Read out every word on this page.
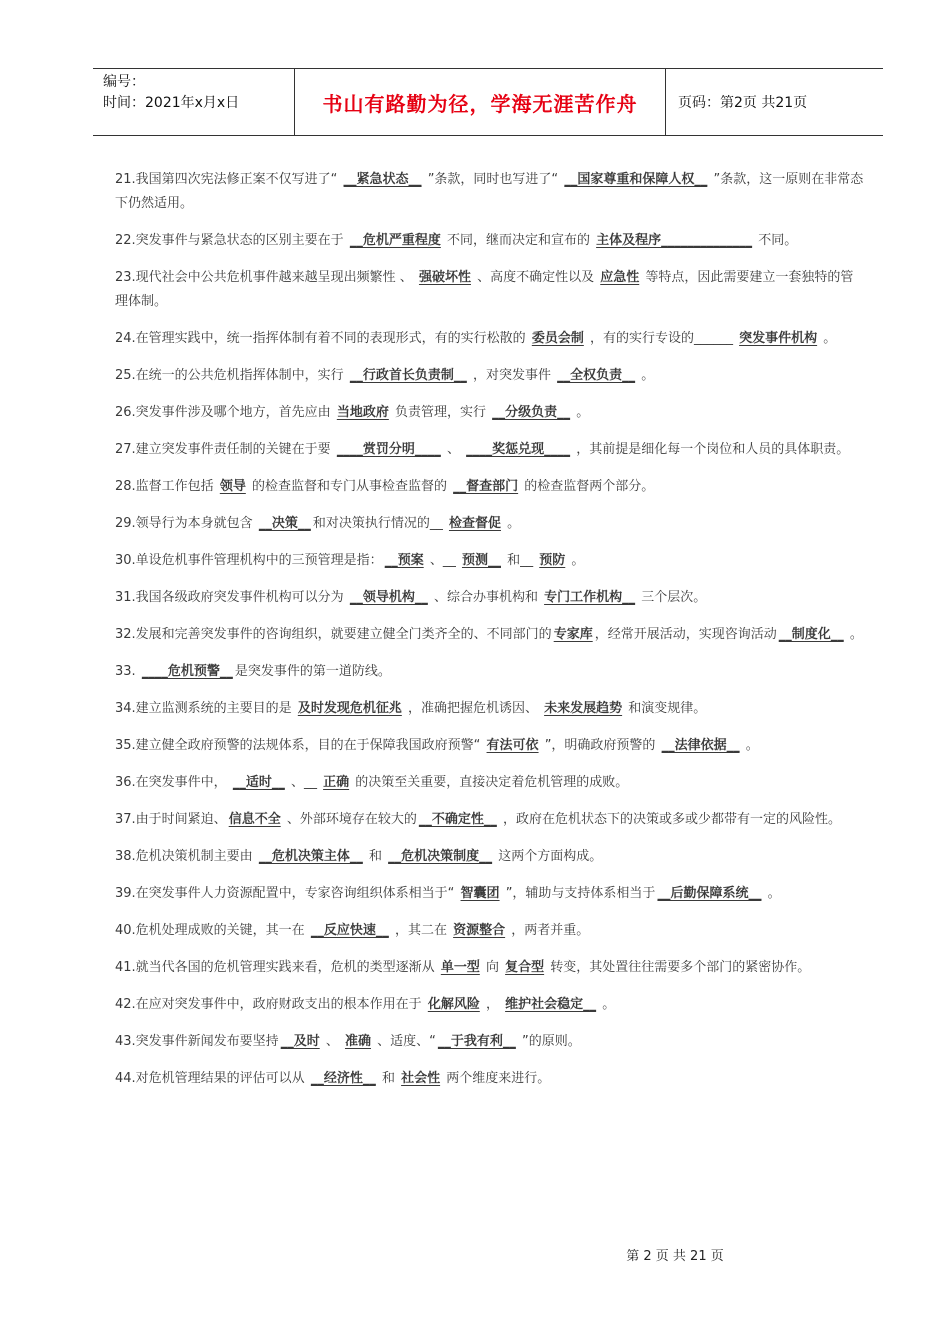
编号：
时间：2021年x月x日	书山有路勤为径，学海无涯苦作舟	页码：第2页 共21页

21.我国第四次宪法修正案不仅写进了“ __紧急状态__ ”条款，同时也写进了“ __国家尊重和保障人权__ ”条款，这一原则在非常态下仍然适用。

22.突发事件与紧急状态的区别主要在于 __危机严重程度 不同，继而决定和宣布的 主体及程序______________ 不同。

23.现代社会中公共危机事件越来越呈现出频繁性 、 强破坏性 、高度不确定性以及 应急性 等特点，因此需要建立一套独特的管理体制。

24.在管理实践中，统一指挥体制有着不同的表现形式，有的实行松散的 委员会制 ，有的实行专设的______ 突发事件机构 。

25.在统一的公共危机指挥体制中，实行 __行政首长负责制__ ，对突发事件 __全权负责__ 。

26.突发事件涉及哪个地方，首先应由 当地政府 负责管理，实行 __分级负责__ 。

27.建立突发事件责任制的关键在于要 ____赏罚分明____ 、 ____奖惩兑现____ ，其前提是细化每一个岗位和人员的具体职责。

28.监督工作包括 领导 的检查监督和专门从事检查监督的 __督查部门 的检查监督两个部分。

29.领导行为本身就包含 __决策__ 和对决策执行情况的__ 检查督促 。

30.单设危机事件管理机构中的三预管理是指： __预案 、__ 预测__ 和__ 预防 。

31.我国各级政府突发事件机构可以分为 __领导机构__ 、综合办事机构和 专门工作机构__ 三个层次。

32.发展和完善突发事件的咨询组织，就要建立健全门类齐全的、不同部门的 专家库 ，经常开展活动，实现咨询活动 __制度化__ 。

33. ____危机预警__ 是突发事件的第一道防线。

34.建立监测系统的主要目的是 及时发现危机征兆 ，准确把握危机诱因、 未来发展趋势 和演变规律。

35.建立健全政府预警的法规体系，目的在于保障我国政府预警“ 有法可依 ”，明确政府预警的 __法律依据__ 。

36.在突发事件中， __适时__ 、__ 正确 的决策至关重要，直接决定着危机管理的成败。

37.由于时间紧迫、 信息不全 、外部环境存在较大的 __不确定性__ ，政府在危机状态下的决策或多或少都带有一定的风险性。

38.危机决策机制主要由 __危机决策主体__ 和 __危机决策制度__ 这两个方面构成。

39.在突发事件人力资源配置中，专家咨询组织体系相当于“ 智囊团 ”，辅助与支持体系相当于 __后勤保障系统__ 。

40.危机处理成败的关键，其一在 __反应快速__ ，其二在 资源整合 ，两者并重。

41.就当代各国的危机管理实践来看，危机的类型逐渐从 单一型 向 复合型 转变，其处置往往需要多个部门的紧密协作。

42.在应对突发事件中，政府财政支出的根本作用在于 化解风险 ， 维护社会稳定__ 。

43.突发事件新闻发布要坚持 __及时 、 准确 、适度、“ __于我有利__ ”的原则。

44.对危机管理结果的评估可以从 __经济性__ 和 社会性 两个维度来进行。

第 2 页 共 21 页
